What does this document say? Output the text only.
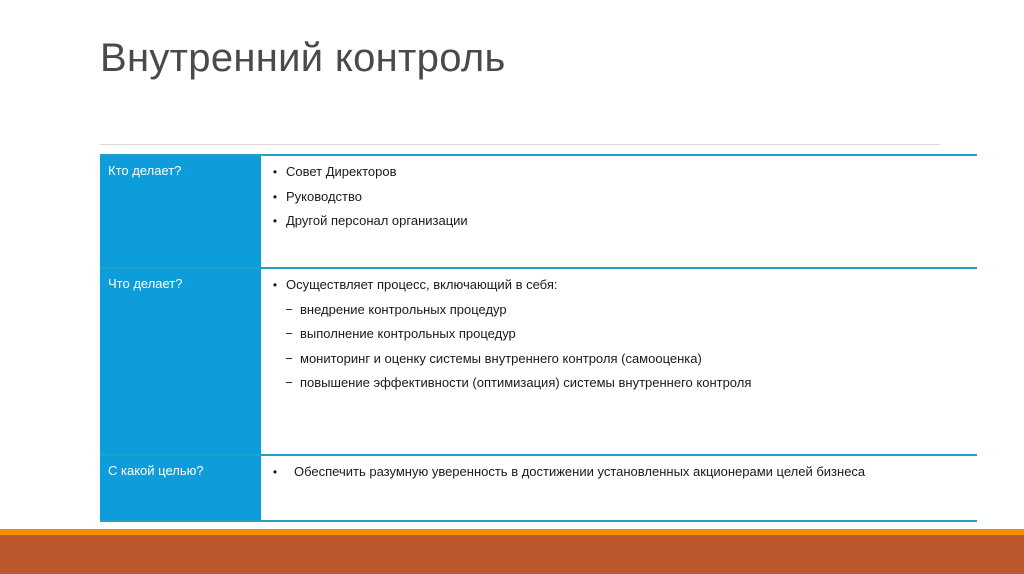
Внутренний контроль
Кто делает?	• Совет Директоров
• Руководство
• Другой персонал организации
Что делает?	• Осуществляет процесс, включающий в себя:
− внедрение контрольных процедур
− выполнение контрольных процедур
− мониторинг и оценку системы внутреннего контроля (самооценка)
− повышение эффективности (оптимизация) системы внутреннего контроля
С какой целью?	•	Обеспечить разумную уверенность в достижении установленных акционерами целей бизнеса
